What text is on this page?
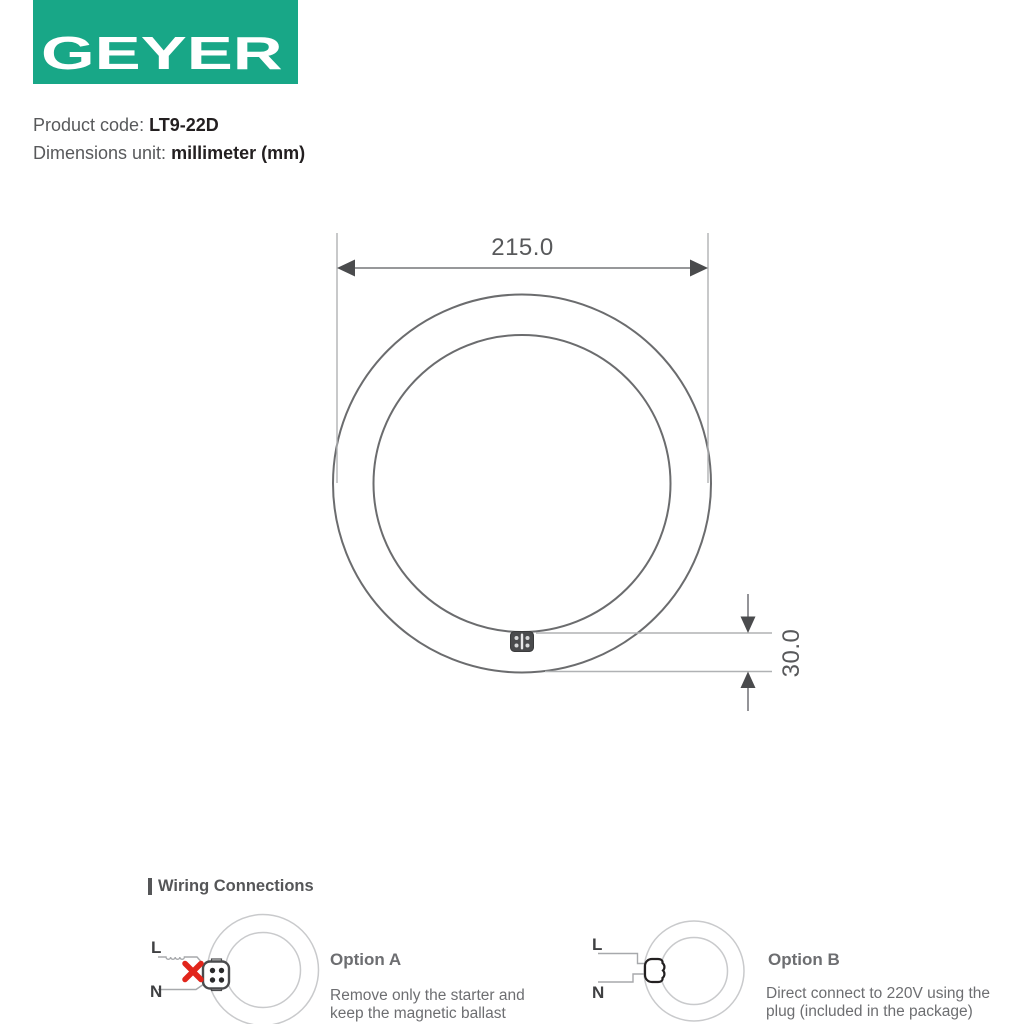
GEYER
Product code: LT9-22D
Dimensions unit: millimeter (mm)
215.0
30.0
Wiring Connections
L
N
Option A
Remove only the starter and
keep the magnetic ballast
L
N
Option B
Direct connect to 220V using the
plug (included in the package)
